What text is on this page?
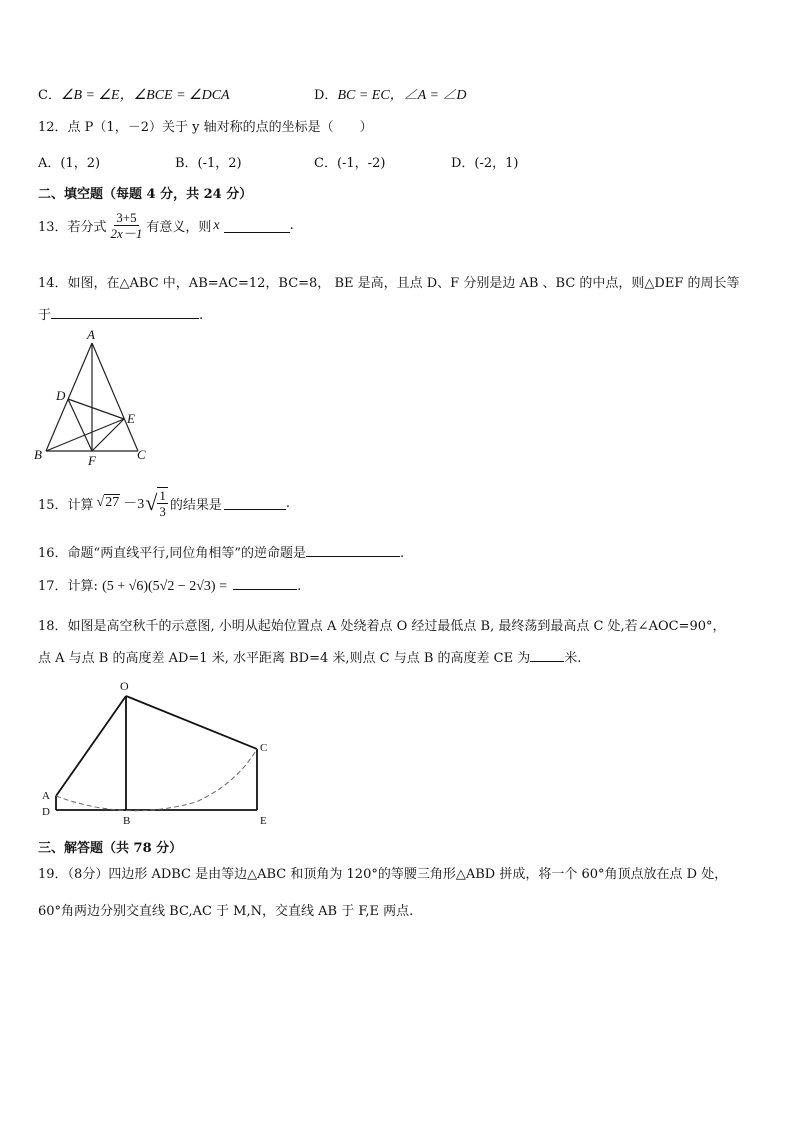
C．∠B = ∠E，∠BCE = ∠DCA	D．BC = EC，∠A = ∠D
12．点 P（1，－2）关于 y 轴对称的点的坐标是（　　）
A．(1，2)	B．(-1，2)	C．(-1，-2)	D．(-2，1)
二、填空题（每题 4 分，共 24 分）
13．若分式 $\frac{3+5}{2x-1}$ 有意义，则 x	.
14．如图，在△ABC 中，AB=AC=12，BC=8， BE 是高，且点 D、F 分别是边 AB 、BC 的中点，则△DEF 的周长等
于	.
A
B	C
D
E
F
15．计算 √27 －3 √ $\frac{1}{3}$ 的结果是	.
16．命题“两直线平行,同位角相等”的逆命题是	.
17．计算: (5 + √6)(5√2 − 2√3) =	.
18．如图是高空秋千的示意图, 小明从起始位置点 A 处绕着点 O 经过最低点 B, 最终荡到最高点 C 处,若∠AOC=90°，
点 A 与点 B 的高度差 AD=1 米, 水平距离 BD=4 米,则点 C 与点 B 的高度差 CE 为	米.
O
C
A
D
B	E
三、解答题（共 78 分）
19．（8分）四边形 ADBC 是由等边△ABC 和顶角为 120°的等腰三角形△ABD 拼成，将一个 60°角顶点放在点 D 处，
60°角两边分别交直线 BC,AC 于 M,N，交直线 AB 于 F,E 两点.
